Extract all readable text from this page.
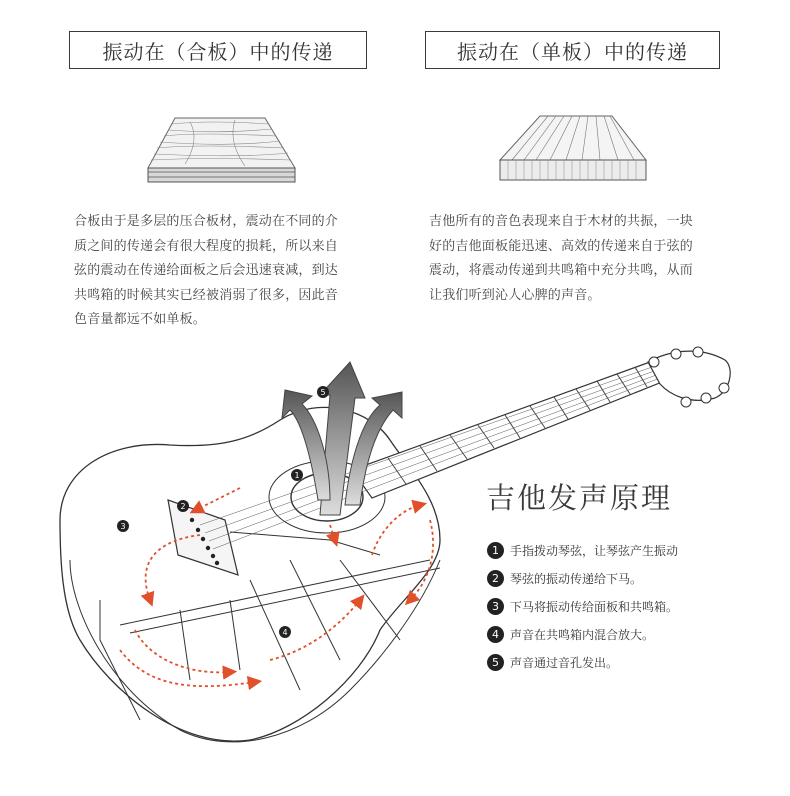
振动在（合板）中的传递	振动在（单板）中的传递
合板由于是多层的压合板材，震动在不同的介
质之间的传递会有很大程度的损耗，所以来自
弦的震动在传递给面板之后会迅速衰减，到达
共鸣箱的时候其实已经被消弱了很多，因此音
色音量都远不如单板。
吉他所有的音色表现来自于木材的共振，一块
好的吉他面板能迅速、高效的传递来自于弦的
震动，将震动传递到共鸣箱中充分共鸣，从而
让我们听到沁人心脾的声音。
1
2
3
4
5
吉他发声原理
1 手指拨动琴弦，让琴弦产生振动
2 琴弦的振动传递给下马。
3 下马将振动传给面板和共鸣箱。
4 声音在共鸣箱内混合放大。
5 声音通过音孔发出。
